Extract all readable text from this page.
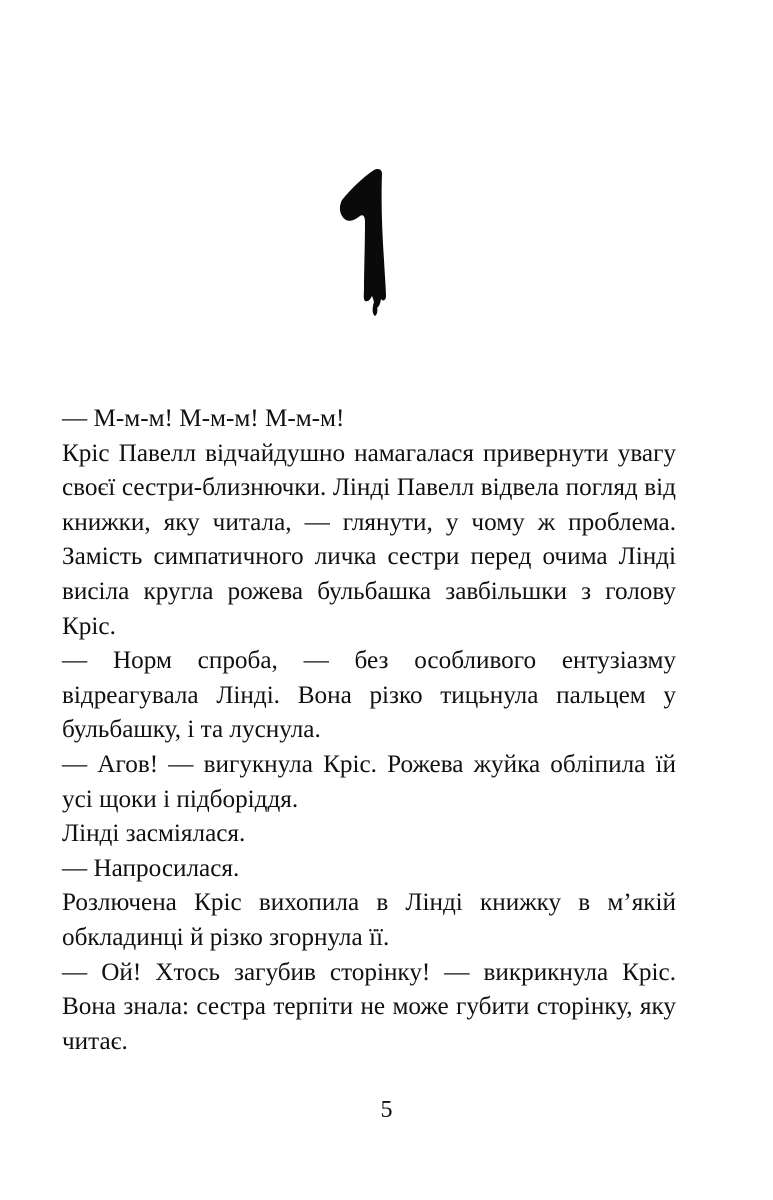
— М-м-м! М-м-м! М-м-м!

Кріс Павелл відчайдушно намагалася привернути увагу своєї сестри-близнючки. Лінді Павелл відвела погляд від книжки, яку читала, — глянути, у чому ж проблема. Замість симпатичного личка сестри перед очима Лінді висіла кругла рожева бульбашка завбільшки з голову Кріс.

— Норм спроба, — без особливого ентузіазму відреагувала Лінді. Вона різко тицьнула пальцем у бульбашку, і та луснула.

— Агов! — вигукнула Кріс. Рожева жуйка обліпила їй усі щоки і підборіддя.

Лінді засміялася.

— Напросилася.

Розлючена Кріс вихопила в Лінді книжку в м’якій обкладинці й різко згорнула її.

— Ой! Хтось загубив сторінку! — викрикнула Кріс. Вона знала: сестра терпіти не може губити сторінку, яку читає.

5
